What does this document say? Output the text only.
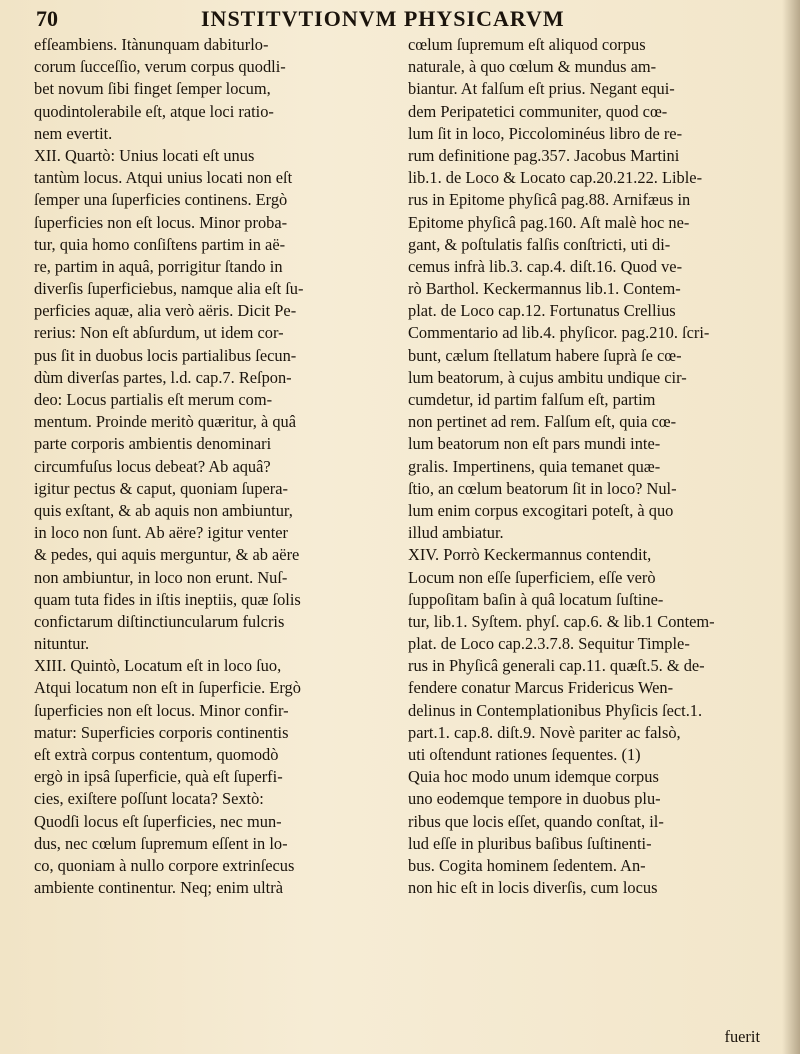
70	INSTITVTIONVM PHYSICARVM
efſeambiens. Itànunquam dabiturlo-
corum ſucceſſio, verum corpus quodli-
bet novum ſibi finget ſemper locum,
quodintolerabile eſt, atque loci ratio-
nem evertit.
XII. Quartò: Unius locati eſt unus
tantùm locus. Atqui unius locati non eſt
ſemper una ſuperficies continens. Ergò
ſuperficies non eſt locus. Minor proba-
tur, quia homo conſiſtens partim in aë-
re, partim in aquâ, porrigitur ſtando in
diverſis ſuperficiebus, namque alia eſt ſu-
perficies aquæ, alia verò aëris. Dicit Pe-
rerius: Non eſt abſurdum, ut idem cor-
pus ſit in duobus locis partialibus ſecun-
dùm diverſas partes, l.d. cap.7. Reſpon-
deo: Locus partialis eſt merum com-
mentum. Proinde meritò quæritur, à quâ
parte corporis ambientis denominari
circumfuſus locus debeat? Ab aquâ?
igitur pectus & caput, quoniam ſupera-
quis exſtant, & ab aquis non ambiuntur,
in loco non ſunt. Ab aëre? igitur venter
& pedes, qui aquis merguntur, & ab aëre
non ambiuntur, in loco non erunt. Nuſ-
quam tuta fides in iſtis ineptiis, quæ ſolis
confictarum diſtinctiuncularum fulcris
nituntur.
XIII. Quintò, Locatum eſt in loco ſuo,
Atqui locatum non eſt in ſuperficie. Ergò
ſuperficies non eſt locus. Minor confir-
matur: Superficies corporis continentis
eſt extrà corpus contentum, quomodò
ergò in ipsâ ſuperficie, quà eſt ſuperfi-
cies, exiſtere poſſunt locata? Sextò:
Quodſi locus eſt ſuperficies, nec mun-
dus, nec cœlum ſupremum eſſent in lo-
co, quoniam à nullo corpore extrinſecus
ambiente continentur. Neq; enim ultrà
cœlum ſupremum eſt aliquod corpus
naturale, à quo cœlum & mundus am-
biantur. At falſum eſt prius. Negant equi-
dem Peripatetici communiter, quod cœ-
lum ſit in loco, Piccolominéus libro de re-
rum definitione pag.357. Jacobus Martini
lib.1. de Loco & Locato cap.20.21.22. Lible-
rus in Epitome phyſicâ pag.88. Arnifæus in
Epitome phyſicâ pag.160. Aſt malè hoc ne-
gant, & poſtulatis falſis conſtricti, uti di-
cemus infrà lib.3. cap.4. diſt.16. Quod ve-
rò Barthol. Keckermannus lib.1. Contem-
plat. de Loco cap.12. Fortunatus Crellius
Commentario ad lib.4. phyſicor. pag.210. ſcri-
bunt, cælum ſtellatum habere ſuprà ſe cœ-
lum beatorum, à cujus ambitu undique cir-
cumdetur, id partim falſum eſt, partim
non pertinet ad rem. Falſum eſt, quia cœ-
lum beatorum non eſt pars mundi inte-
gralis. Impertinens, quia temanet quæ-
ſtio, an cœlum beatorum ſit in loco? Nul-
lum enim corpus excogitari poteſt, à quo
illud ambiatur.
XIV. Porrò Keckermannus contendit,
Locum non eſſe ſuperficiem, eſſe verò
ſuppoſitam baſin à quâ locatum ſuſtine-
tur, lib.1. Syſtem. phyſ. cap.6. & lib.1 Contem-
plat. de Loco cap.2.3.7.8. Sequitur Timple-
rus in Phyſicâ generali cap.11. quæſt.5. & de-
fendere conatur Marcus Fridericus Wen-
delinus in Contemplationibus Phyſicis ſect.1.
part.1. cap.8. diſt.9. Novè pariter ac falsò,
uti oſtendunt rationes ſequentes. (1)
Quia hoc modo unum idemque corpus
uno eodemque tempore in duobus plu-
ribus que locis eſſet, quando conſtat, il-
lud eſſe in pluribus baſibus ſuſtinenti-
bus. Cogita hominem ſedentem. An-
non hic eſt in locis diverſis, cum locus
fuerit
